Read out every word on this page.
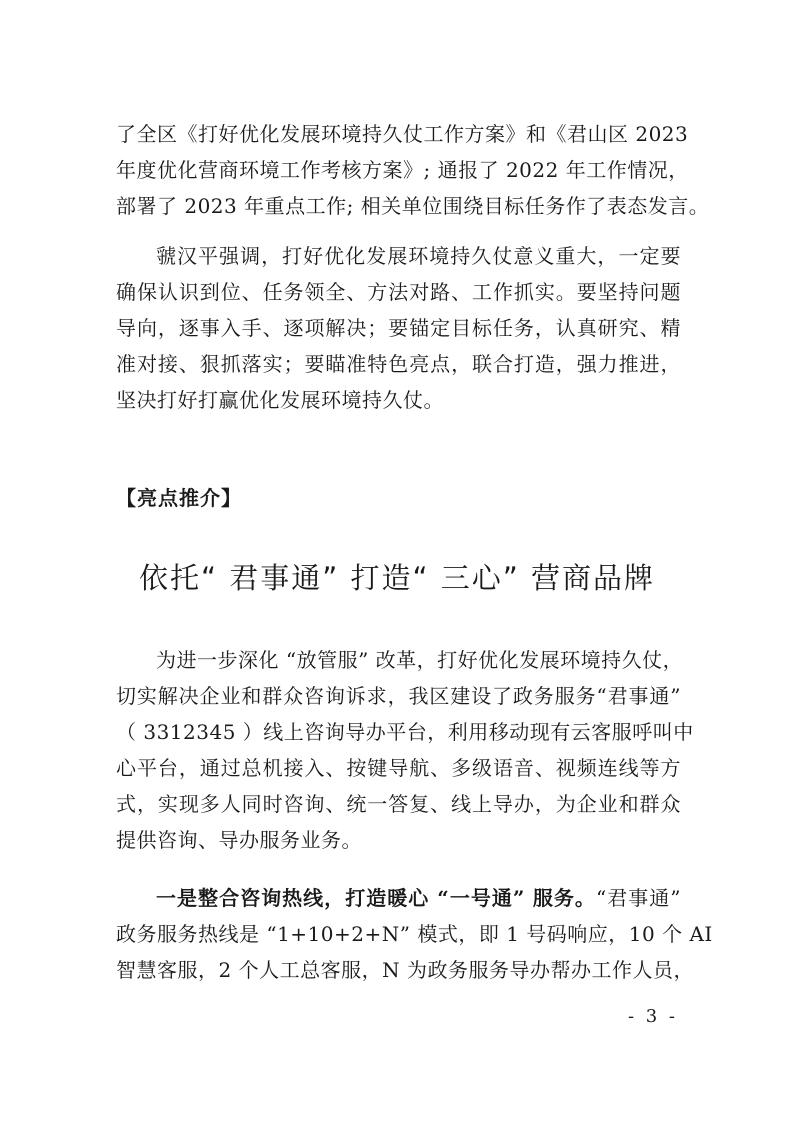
了全区《打好优化发展环境持久仗工作方案》和《君山区 2023
年度优化营商环境工作考核方案》; 通报了 2022 年工作情况，
部署了 2023 年重点工作; 相关单位围绕目标任务作了表态发言。
虢汉平强调，打好优化发展环境持久仗意义重大，一定要
确保认识到位、任务领全、方法对路、工作抓实。要坚持问题
导向，逐事入手、逐项解决；要锚定目标任务，认真研究、精
准对接、狠抓落实；要瞄准特色亮点，联合打造，强力推进，
坚决打好打赢优化发展环境持久仗。
【亮点推介】
依托“ 君事通” 打造“ 三心” 营商品牌
为进一步深化 “放管服” 改革，打好优化发展环境持久仗，
切实解决企业和群众咨询诉求，我区建设了政务服务“君事通”
（ 3312345 ）线上咨询导办平台，利用移动现有云客服呼叫中
心平台，通过总机接入、按键导航、多级语音、视频连线等方
式，实现多人同时咨询、统一答复、线上导办，为企业和群众
提供咨询、导办服务业务。
一是整合咨询热线，打造暖心 “一号通” 服务。“君事通”
政务服务热线是 “1+10+2+N” 模式，即 1 号码响应，10 个 AI
智慧客服，2 个人工总客服，N 为政务服务导办帮办工作人员，
- 3 -
